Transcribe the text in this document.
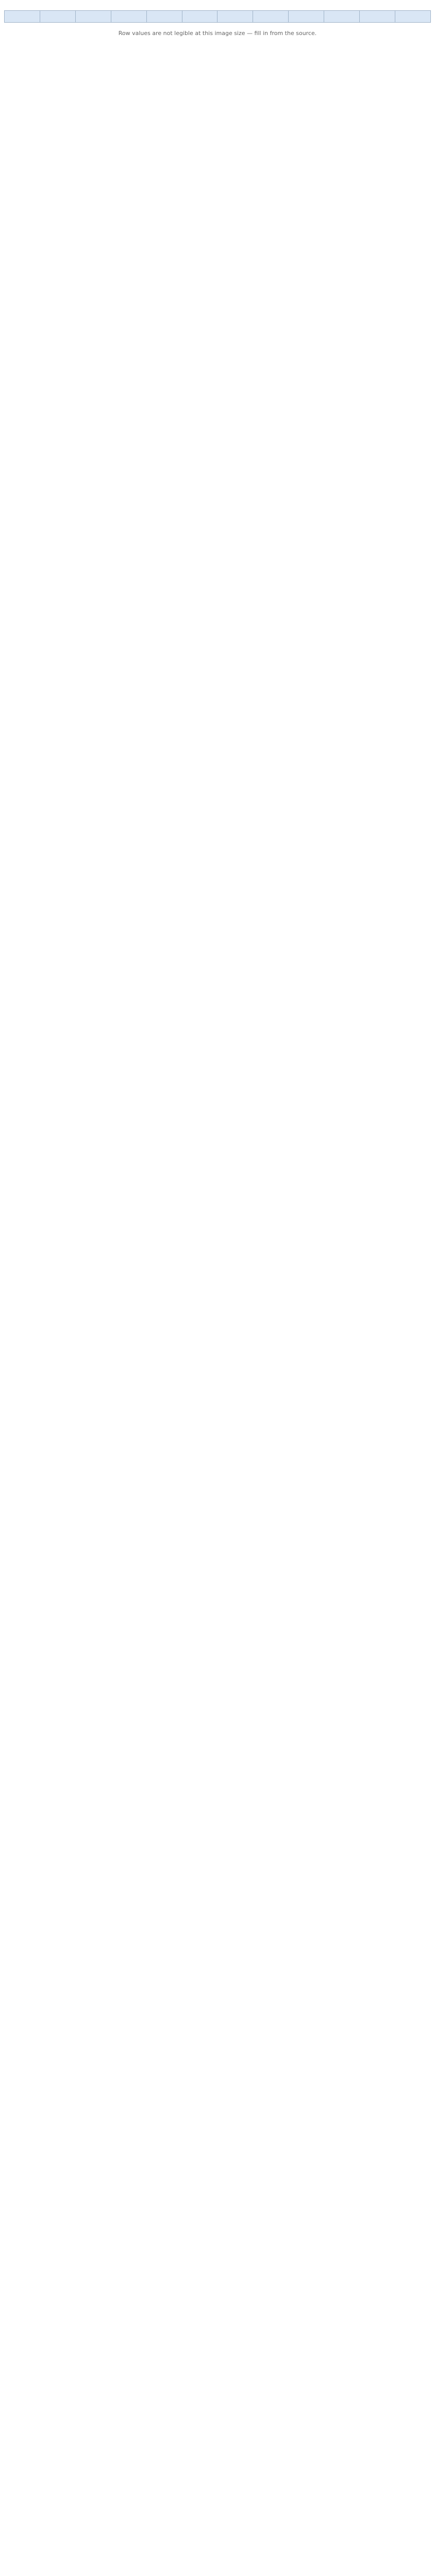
Row values are not legible at this image size — fill in from the source.
